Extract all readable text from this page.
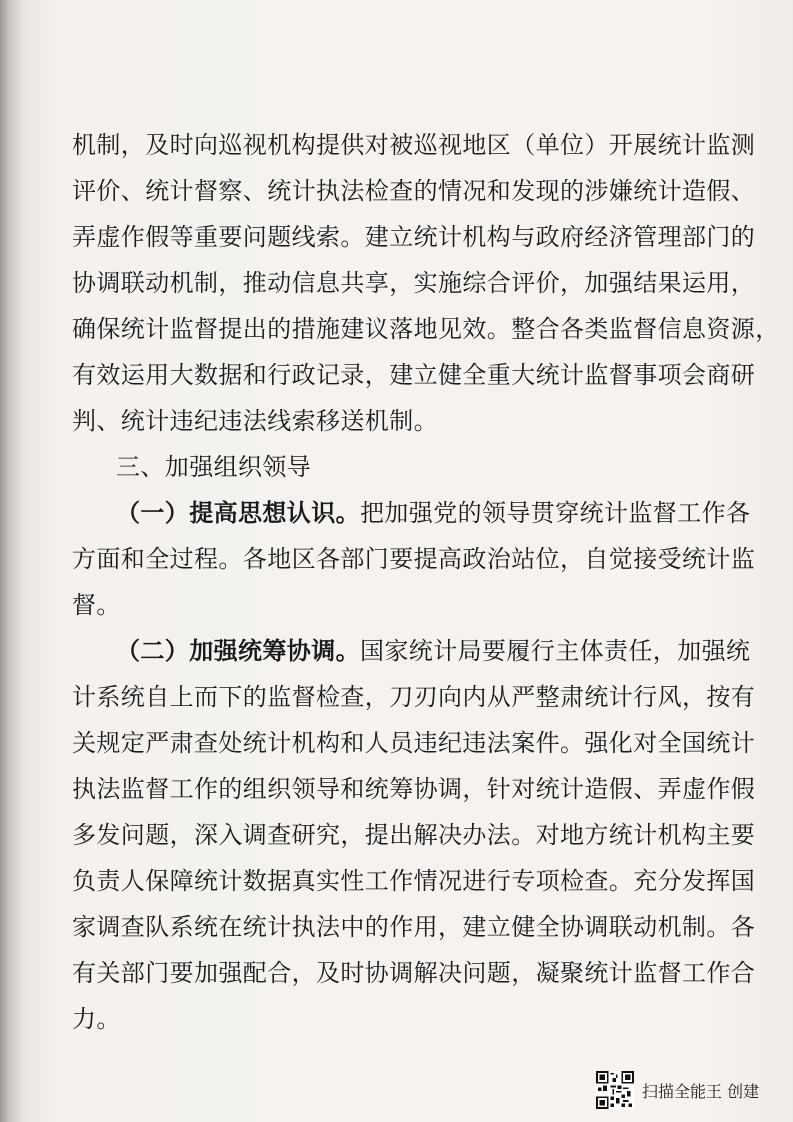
机制，及时向巡视机构提供对被巡视地区（单位）开展统计监测
评价、统计督察、统计执法检查的情况和发现的涉嫌统计造假、
弄虚作假等重要问题线索。建立统计机构与政府经济管理部门的
协调联动机制，推动信息共享，实施综合评价，加强结果运用，
确保统计监督提出的措施建议落地见效。整合各类监督信息资源，
有效运用大数据和行政记录，建立健全重大统计监督事项会商研
判、统计违纪违法线索移送机制。
三、加强组织领导
（一）提高思想认识。把加强党的领导贯穿统计监督工作各
方面和全过程。各地区各部门要提高政治站位，自觉接受统计监
督。
（二）加强统筹协调。国家统计局要履行主体责任，加强统
计系统自上而下的监督检查，刀刃向内从严整肃统计行风，按有
关规定严肃查处统计机构和人员违纪违法案件。强化对全国统计
执法监督工作的组织领导和统筹协调，针对统计造假、弄虚作假
多发问题，深入调查研究，提出解决办法。对地方统计机构主要
负责人保障统计数据真实性工作情况进行专项检查。充分发挥国
家调查队系统在统计执法中的作用，建立健全协调联动机制。各
有关部门要加强配合，及时协调解决问题，凝聚统计监督工作合
力。
扫描全能王 创建
